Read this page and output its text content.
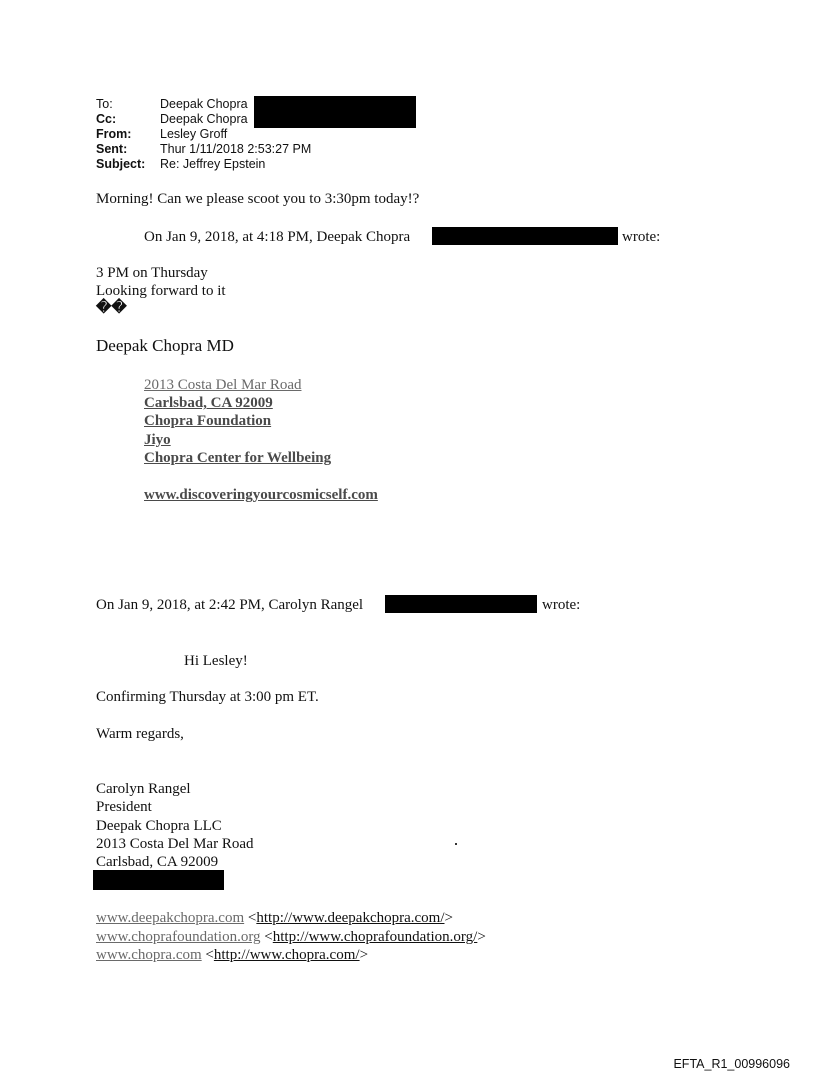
To:	Deepak Chopra
Cc:	Deepak Chopra
From: Lesley Groff
Sent:	Thur 1/11/2018 2:53:27 PM
Subject: Re: Jeffrey Epstein
Morning! Can we please scoot you to 3:30pm today!?
On Jan 9, 2018, at 4:18 PM, Deepak Chopra	wrote:
3 PM on Thursday
Looking forward to it
��
Deepak Chopra MD
2013 Costa Del Mar Road
Carlsbad, CA 92009
Chopra Foundation
Jiyo
Chopra Center for Wellbeing
www.discoveringyourcosmicself.com
On Jan 9, 2018, at 2:42 PM, Carolyn Rangel	wrote:
Hi Lesley!
Confirming Thursday at 3:00 pm ET.
Warm regards,
Carolyn Rangel
President
Deepak Chopra LLC
2013 Costa Del Mar Road
Carlsbad, CA 92009
www.deepakchopra.com <http://www.deepakchopra.com/>
www.choprafoundation.org <http://www.choprafoundation.org/>
www.chopra.com <http://www.chopra.com/>
EFTA_R1_00996096
